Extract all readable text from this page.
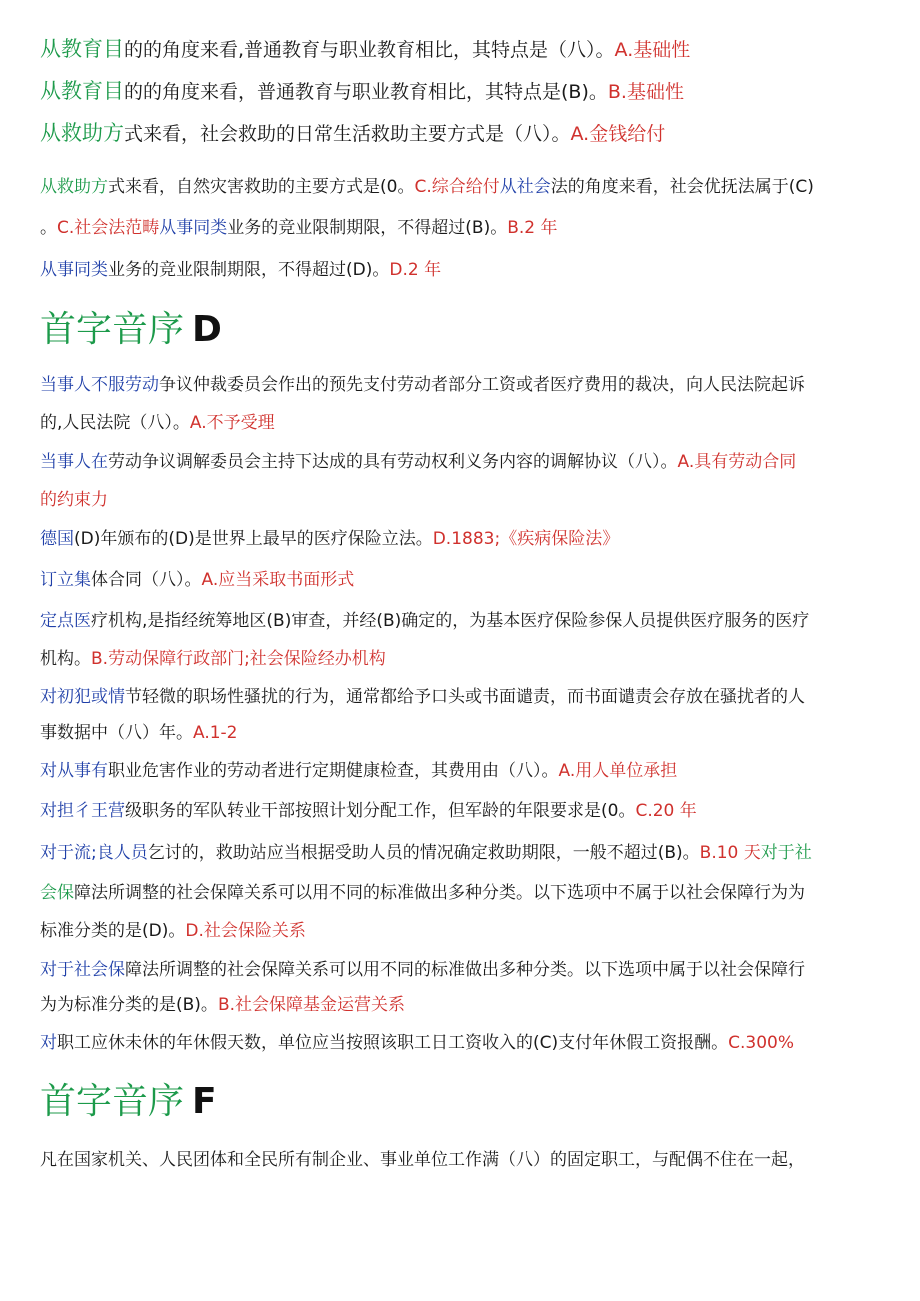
从教育目的的角度来看,普通教育与职业教育相比，其特点是（八）。A.基础性
从教育目的的角度来看，普通教育与职业教育相比，其特点是(B)。B.基础性
从救助方式来看，社会救助的日常生活救助主要方式是（八）。A.金钱给付
从救助方式来看，自然灾害救助的主要方式是(0。C.综合给付从社会法的角度来看，社会优抚法属于(C)
。C.社会法范畴从事同类业务的竞业限制期限，不得超过(B)。B.2 年
从事同类业务的竞业限制期限，不得超过(D)。D.2 年
首字音序 D
当事人不服劳动争议仲裁委员会作出的预先支付劳动者部分工资或者医疗费用的裁决，向人民法院起诉
的,人民法院（八）。A.不予受理
当事人在劳动争议调解委员会主持下达成的具有劳动权利义务内容的调解协议（八）。A.具有劳动合同
的约束力
德国(D)年颁布的(D)是世界上最早的医疗保险立法。D.1883;《疾病保险法》
订立集体合同（八）。A.应当采取书面形式
定点医疗机构,是指经统筹地区(B)审查，并经(B)确定的，为基本医疗保险参保人员提供医疗服务的医疗
机构。B.劳动保障行政部门;社会保险经办机构
对初犯或情节轻微的职场性骚扰的行为，通常都给予口头或书面谴责，而书面谴责会存放在骚扰者的人
事数据中（八）年。A.1-2
对从事有职业危害作业的劳动者进行定期健康检查，其费用由（八）。A.用人单位承担
对担彳王营级职务的军队转业干部按照计划分配工作，但军龄的年限要求是(0。C.20 年
对于流;良人员乞讨的，救助站应当根据受助人员的情况确定救助期限，一般不超过(B)。B.10 天对于社
会保障法所调整的社会保障关系可以用不同的标准做出多种分类。以下选项中不属于以社会保障行为为
标准分类的是(D)。D.社会保险关系
对于社会保障法所调整的社会保障关系可以用不同的标准做出多种分类。以下选项中属于以社会保障行
为为标准分类的是(B)。B.社会保障基金运营关系
对职工应休未休的年休假天数，单位应当按照该职工日工资收入的(C)支付年休假工资报酬。C.300%
首字音序 F
凡在国家机关、人民团体和全民所有制企业、事业单位工作满（八）的固定职工，与配偶不住在一起，
